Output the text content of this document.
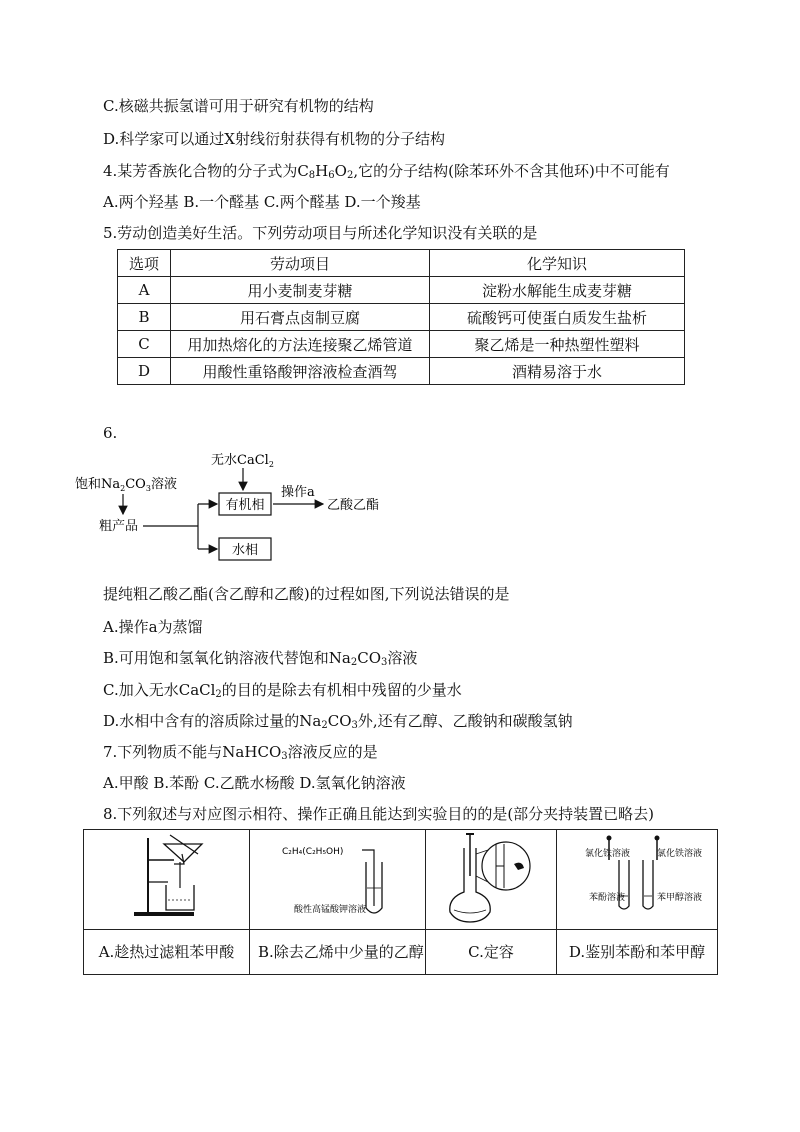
C.核磁共振氢谱可用于研究有机物的结构
D.科学家可以通过X射线衍射获得有机物的分子结构
4.某芳香族化合物的分子式为$C_8H_6O_2$,它的分子结构(除苯环外不含其他环)中不可能有
A.两个羟基 B.一个醛基 C.两个醛基 D.一个羧基
5.劳动创造美好生活。下列劳动项目与所述化学知识没有关联的是
选项	劳动项目	化学知识
A	用小麦制麦芽糖	淀粉水解能生成麦芽糖
B	用石膏点卤制豆腐	硫酸钙可使蛋白质发生盐析
C	用加热熔化的方法连接聚乙烯管道	聚乙烯是一种热塑性塑料
D	用酸性重铬酸钾溶液检查酒驾	酒精易溶于水
6.
无水CaCl$_2$
饱和$Na_2CO_3$溶液
粗产品
有机相
操作a
乙酸乙酯
水相
提纯粗乙酸乙酯(含乙醇和乙酸)的过程如图,下列说法错误的是
A.操作a为蒸馏
B.可用饱和氢氧化钠溶液代替饱和$Na_2CO_3$溶液
C.加入无水CaCl$_2$的目的是除去有机相中残留的少量水
D.水相中含有的溶质除过量的$Na_2CO_3$外,还有乙醇、乙酸钠和碳酸氢钠
7.下列物质不能与NaHCO$_3$溶液反应的是
A.甲酸 B.苯酚 C.乙酰水杨酸 D.氢氧化钠溶液
8.下列叙述与对应图示相符、操作正确且能达到实验目的的是(部分夹持装置已略去)

C₂H₄(C₂H₅OH)
酸性高锰酸钾溶液		氯化铁溶液 氯化铁溶液
苯酚溶液 苯甲醇溶液

A.趁热过滤粗苯甲酸	B.除去乙烯中少量的乙醇	C.定容	D.鉴别苯酚和苯甲醇
